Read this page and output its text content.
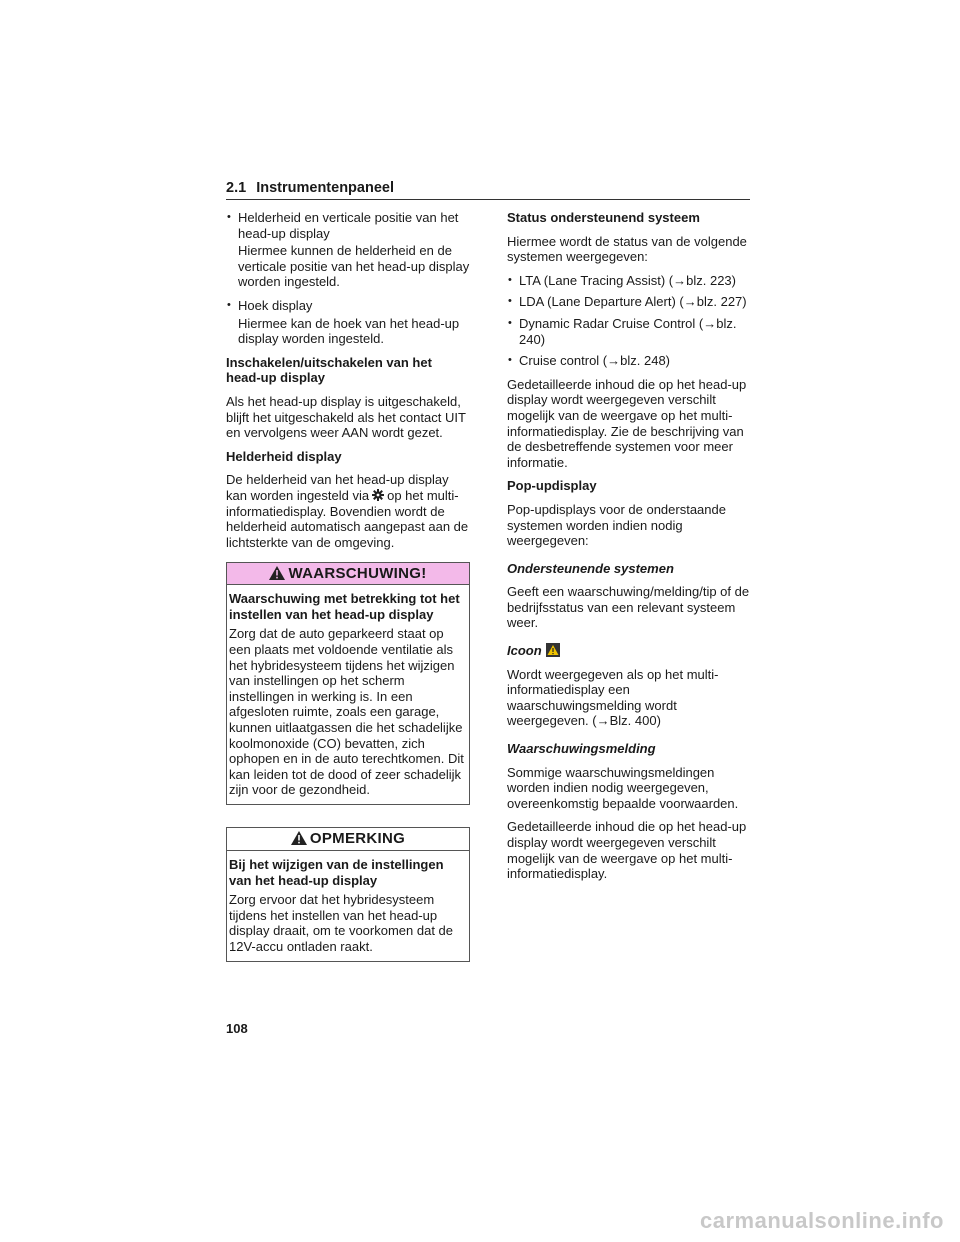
2.1 Instrumentenpaneel

• Helderheid en verticale positie van het head-up display

Hiermee kunnen de helderheid en de verticale positie van het head-up display worden ingesteld.

• Hoek display

Hiermee kan de hoek van het head-up display worden ingesteld.

Inschakelen/uitschakelen van het head-up display

Als het head-up display is uitgeschakeld, blijft het uitgeschakeld als het contact UIT en vervolgens weer AAN wordt gezet.

Helderheid display

De helderheid van het head-up display kan worden ingesteld via op het multi-informatiedisplay. Bovendien wordt de helderheid automatisch aangepast aan de lichtsterkte van de omgeving.

WAARSCHUWING!

Waarschuwing met betrekking tot het instellen van het head-up display

Zorg dat de auto geparkeerd staat op een plaats met voldoende ventilatie als het hybridesysteem tijdens het wijzigen van instellingen op het scherm instellingen in werking is. In een afgesloten ruimte, zoals een garage, kunnen uitlaatgassen die het schadelijke koolmonoxide (CO) bevatten, zich ophopen en in de auto terechtkomen. Dit kan leiden tot de dood of zeer schadelijk zijn voor de gezondheid.

OPMERKING

Bij het wijzigen van de instellingen van het head-up display

Zorg ervoor dat het hybridesysteem tijdens het instellen van het head-up display draait, om te voorkomen dat de 12V-accu ontladen raakt.

Status ondersteunend systeem

Hiermee wordt de status van de volgende systemen weergegeven:

• LTA (Lane Tracing Assist) (→blz. 223)

• LDA (Lane Departure Alert) (→blz. 227)

• Dynamic Radar Cruise Control (→blz. 240)

• Cruise control (→blz. 248)

Gedetailleerde inhoud die op het head-up display wordt weergegeven verschilt mogelijk van de weergave op het multi-informatiedisplay. Zie de beschrijving van de desbetreffende systemen voor meer informatie.

Pop-updisplay

Pop-updisplays voor de onderstaande systemen worden indien nodig weergegeven:

Ondersteunende systemen

Geeft een waarschuwing/melding/tip of de bedrijfsstatus van een relevant systeem weer.

Icoon

Wordt weergegeven als op het multi-informatiedisplay een waarschuwingsmelding wordt weergegeven. (→Blz. 400)

Waarschuwingsmelding

Sommige waarschuwingsmeldingen worden indien nodig weergegeven, overeenkomstig bepaalde voorwaarden.

Gedetailleerde inhoud die op het head-up display wordt weergegeven verschilt mogelijk van de weergave op het multi-informatiedisplay.

108
carmanualsonline.info
